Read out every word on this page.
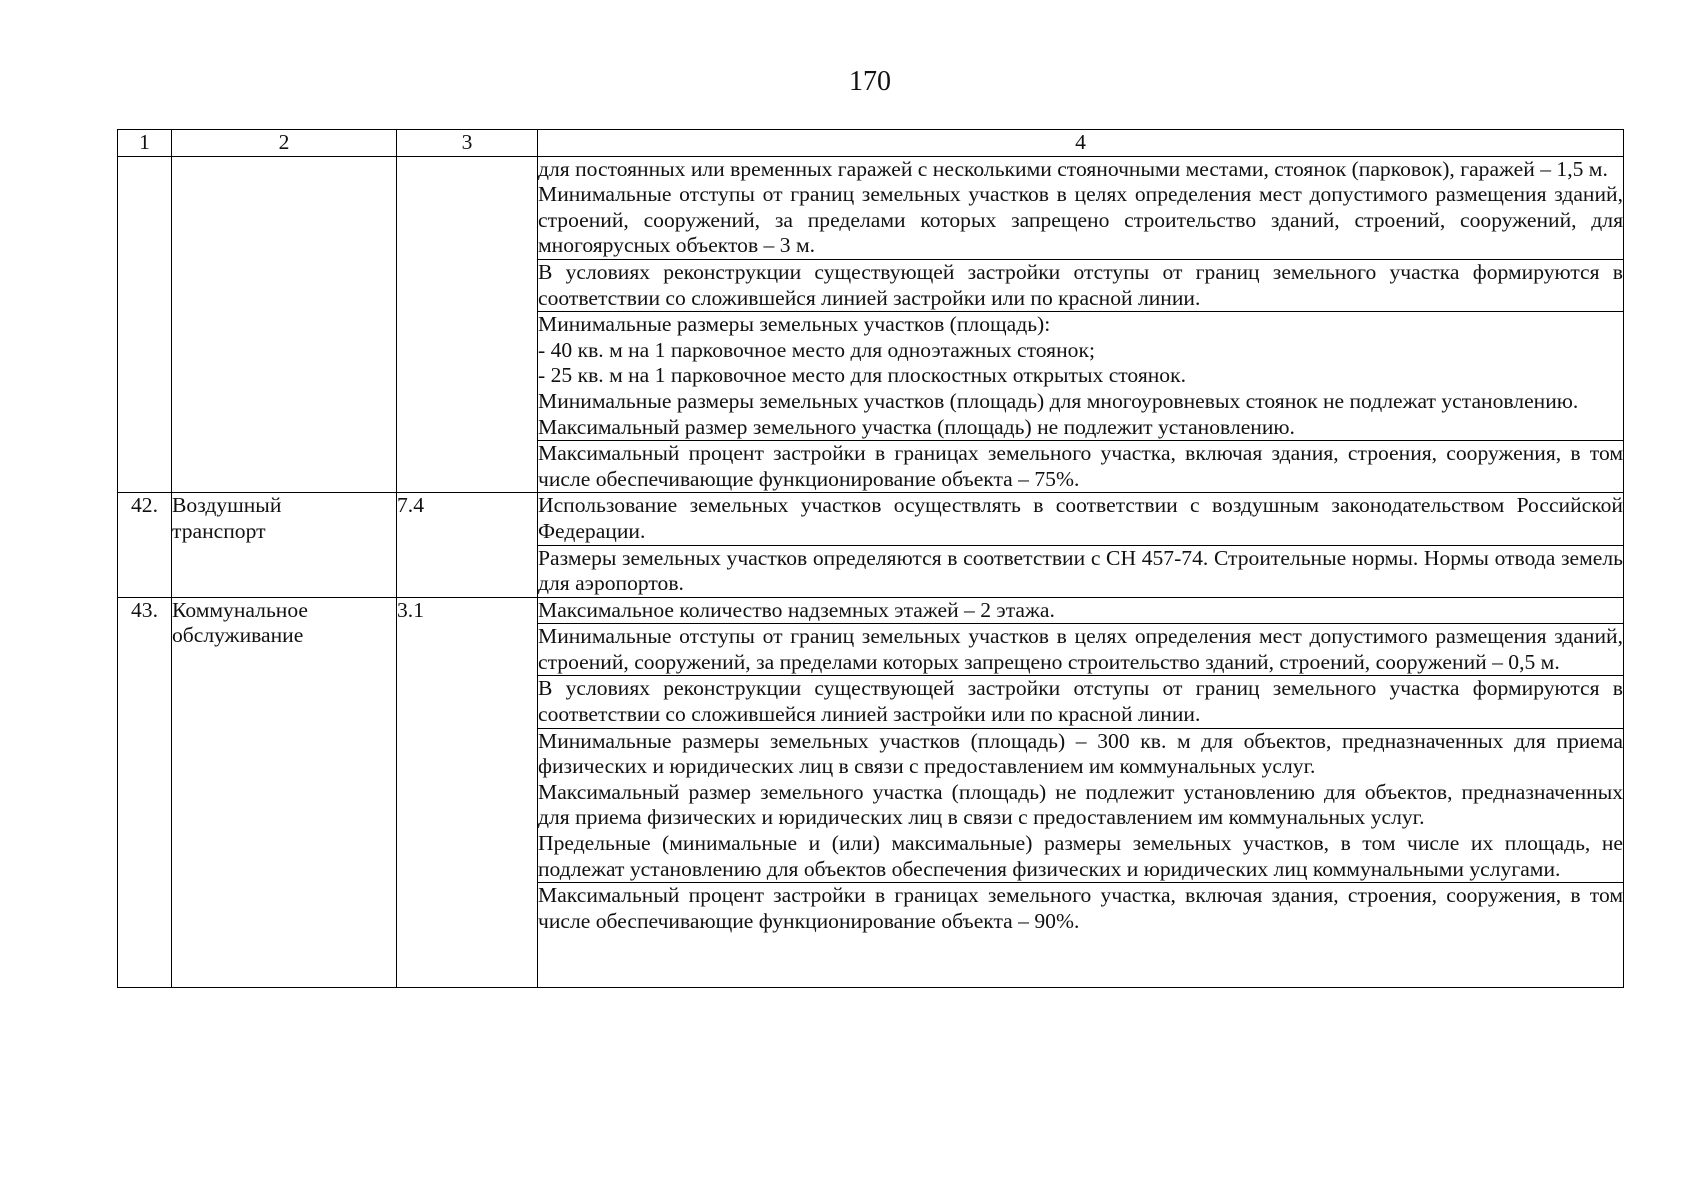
170
1	2	3	4

			для постоянных или временных гаражей с несколькими стояночными местами, стоянок (парковок), гаражей – 1,5 м.

Минимальные отступы от границ земельных участков в целях определения мест допустимого размещения зданий, строений, сооружений, за пределами которых запрещено строительство зданий, строений, сооружений, для многоярусных объектов – 3 м.

			В условиях реконструкции существующей застройки отступы от границ земельного участка формируются в соответствии со сложившейся линией застройки или по красной линии.

			Минимальные размеры земельных участков (площадь):

- 40 кв. м на 1 парковочное место для одноэтажных стоянок;

- 25 кв. м на 1 парковочное место для плоскостных открытых стоянок.

Минимальные размеры земельных участков (площадь) для многоуровневых стоянок не подлежат установлению.

Максимальный размер земельного участка (площадь) не подлежит установлению.

			Максимальный процент застройки в границах земельного участка, включая здания, строения, сооружения, в том числе обеспечивающие функционирование объекта – 75%.

42.	Воздушный транспорт	7.4	Использование земельных участков осуществлять в соответствии с воздушным законодательством Российской Федерации.

			Размеры земельных участков определяются в соответствии с СН 457-74. Строительные нормы. Нормы отвода земель для аэропортов.

43.	Коммунальное обслуживание	3.1	Максимальное количество надземных этажей – 2 этажа.

			Минимальные отступы от границ земельных участков в целях определения мест допустимого размещения зданий, строений, сооружений, за пределами которых запрещено строительство зданий, строений, сооружений – 0,5 м.

			В условиях реконструкции существующей застройки отступы от границ земельного участка формируются в соответствии со сложившейся линией застройки или по красной линии.

			Минимальные размеры земельных участков (площадь) – 300 кв. м для объектов, предназначенных для приема физических и юридических лиц в связи с предоставлением им коммунальных услуг.

Максимальный размер земельного участка (площадь) не подлежит установлению для объектов, предназначенных для приема физических и юридических лиц в связи с предоставлением им коммунальных услуг.

Предельные (минимальные и (или) максимальные) размеры земельных участков, в том числе их площадь, не подлежат установлению для объектов обеспечения физических и юридических лиц коммунальными услугами.

			Максимальный процент застройки в границах земельного участка, включая здания, строения, сооружения, в том числе обеспечивающие функционирование объекта – 90%.
